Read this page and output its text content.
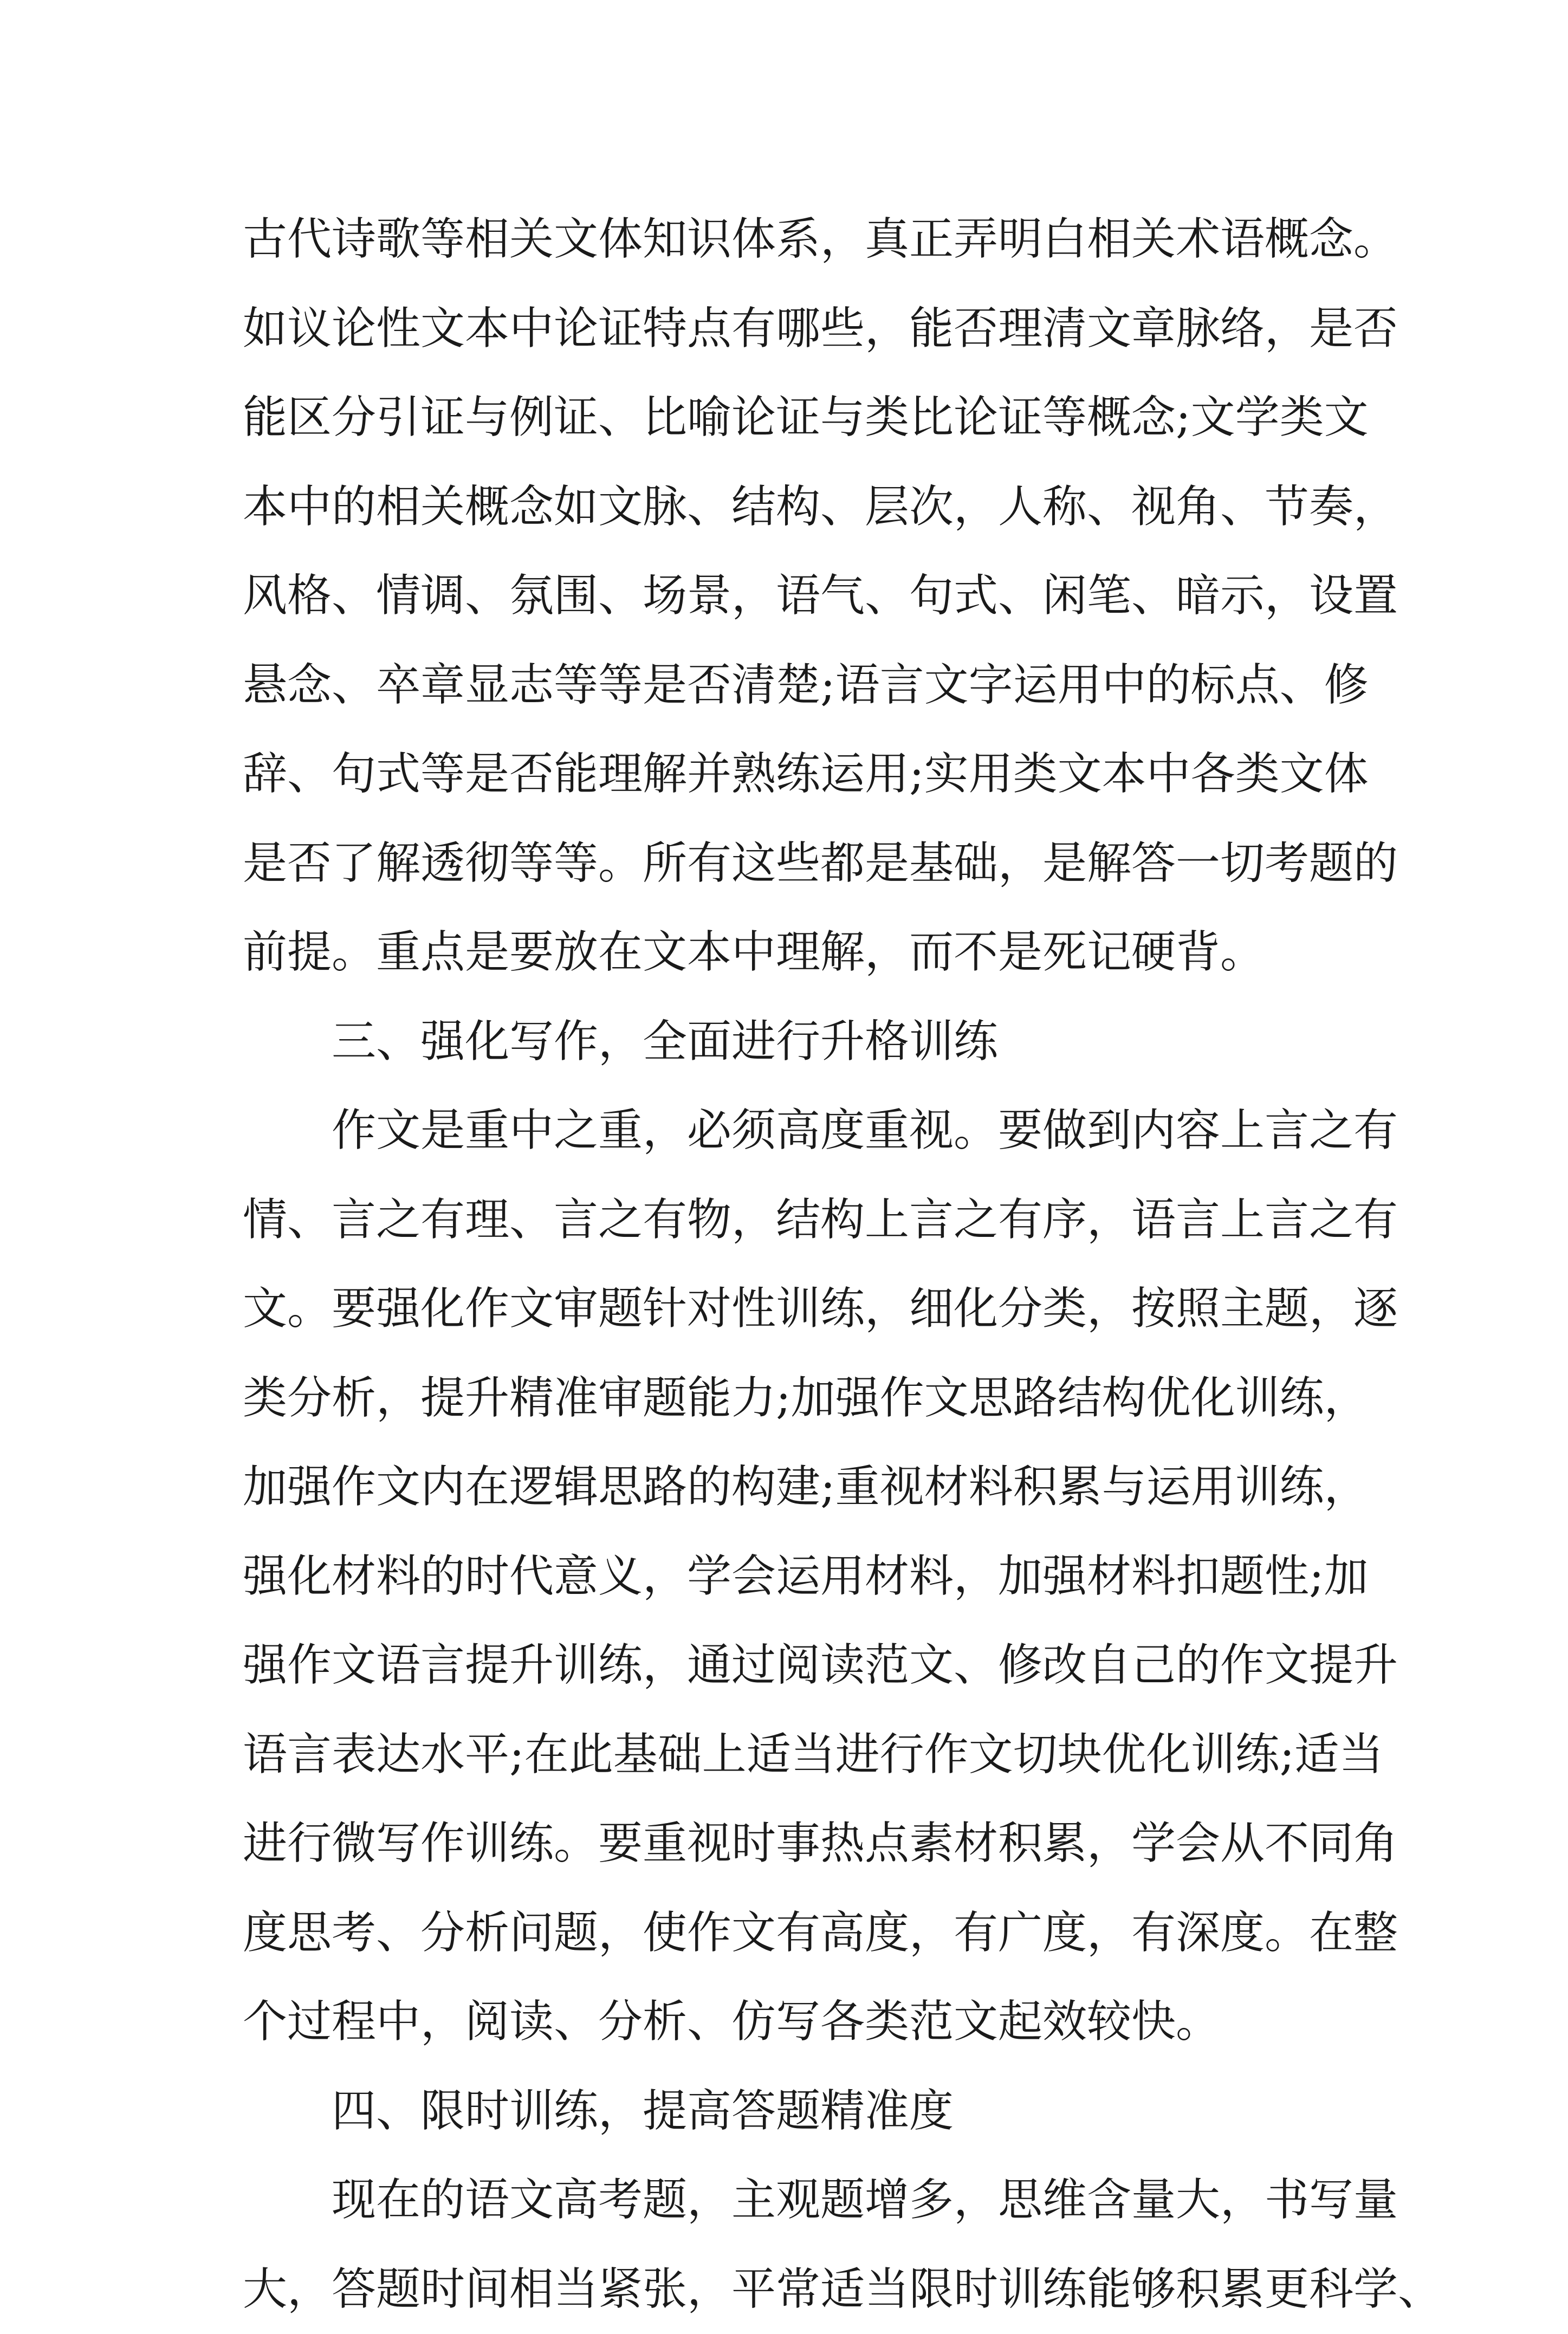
古代诗歌等相关文体知识体系，真正弄明白相关术语概念。
如议论性文本中论证特点有哪些，能否理清文章脉络，是否
能区分引证与例证、比喻论证与类比论证等概念;文学类文
本中的相关概念如文脉、结构、层次，人称、视角、节奏，
风格、情调、氛围、场景，语气、句式、闲笔、暗示，设置
悬念、卒章显志等等是否清楚;语言文字运用中的标点、修
辞、句式等是否能理解并熟练运用;实用类文本中各类文体
是否了解透彻等等。所有这些都是基础，是解答一切考题的
前提。重点是要放在文本中理解，而不是死记硬背。
三、强化写作，全面进行升格训练
作文是重中之重，必须高度重视。要做到内容上言之有
情、言之有理、言之有物，结构上言之有序，语言上言之有
文。要强化作文审题针对性训练，细化分类，按照主题，逐
类分析，提升精准审题能力;加强作文思路结构优化训练，
加强作文内在逻辑思路的构建;重视材料积累与运用训练，
强化材料的时代意义，学会运用材料，加强材料扣题性;加
强作文语言提升训练，通过阅读范文、修改自己的作文提升
语言表达水平;在此基础上适当进行作文切块优化训练;适当
进行微写作训练。要重视时事热点素材积累，学会从不同角
度思考、分析问题，使作文有高度，有广度，有深度。在整
个过程中，阅读、分析、仿写各类范文起效较快。
四、限时训练，提高答题精准度
现在的语文高考题，主观题增多，思维含量大，书写量
大，答题时间相当紧张，平常适当限时训练能够积累更科学、
